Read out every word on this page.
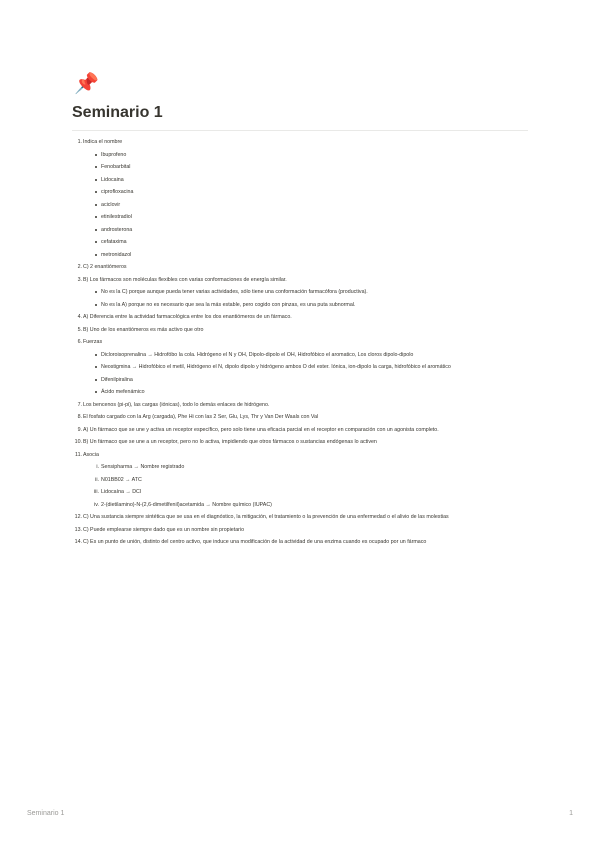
📌
Seminario 1
1. Indica el nombre
Ibuprofeno
Fenobarbital
Lidocaina
ciprofloxacina
aciclovir
etinilestradiol
androsterona
cefataxima
metronidazol
2. C) 2 enantiómeros
3. B) Los fármacos son moléculas flexibles con varias conformaciones de energía similar.
No es la C) porque aunque pueda tener varias actividades, sólo tiene una conformación farmacófora (productiva).
No es la A) porque no es necesario que sea la más estable, pero cogido con pinzas, es una puta subnormal.
4. A) Diferencia entre la actividad farmacológica entre los dos enantiómeros de un fármaco.
5. B) Uno de los enantiómeros es más activo que otro
6. Fuerzas
Dicloroisoprenalina → Hidrofóbo la cola. Hidrógeno el N y OH, Dipolo-dipolo el OH, Hidrofóbico el aromatico, Los cloros dipolo-dipolo
Neostigmina → Hidrofóbico el metil, Hidrógeno el N, dipolo dipolo y hidrógeno ambos O del ester. Iónica, ion-dipolo la carga, hidrofóbico el aromático
Difenilpiralina
Ácido mefenámico
7. Los bencenos (pi-pi), las cargas (iónicas), todo lo demás enlaces de hidrógeno.
8. El fosfato cargado con la Arg (cargada), Phe Hi con las 2 Ser, Glu, Lys, Thr y Van Der Waals con Val
9. A) Un fármaco que se une y activa un receptor específico, pero solo tiene una eficacia parcial en el receptor en comparación con un agonista completo.
10. B) Un fármaco que se une a un receptor, pero no lo activa, impidiendo que otros fármacos o sustancias endógenas lo activen
11. Asocia
i. Sensipharma → Nombre registrado
ii. N01BB02 → ATC
iii. Lidocaína → DCI
iv. 2-(dietilamino)-N-(2,6-dimetilfenil)acetamida → Nombre químico (IUPAC)
12. C) Una sustancia siempre sintética que se usa en el diagnóstico, la mitigación, el tratamiento o la prevención de una enfermedad o el alivio de las molestias
13. C) Puede emplearse siempre dado que es un nombre sin propietario
14. C) Es un punto de unión, distinto del centro activo, que induce una modificación de la actividad de una enzima cuando es ocupado por un fármaco
Seminario 1	1
